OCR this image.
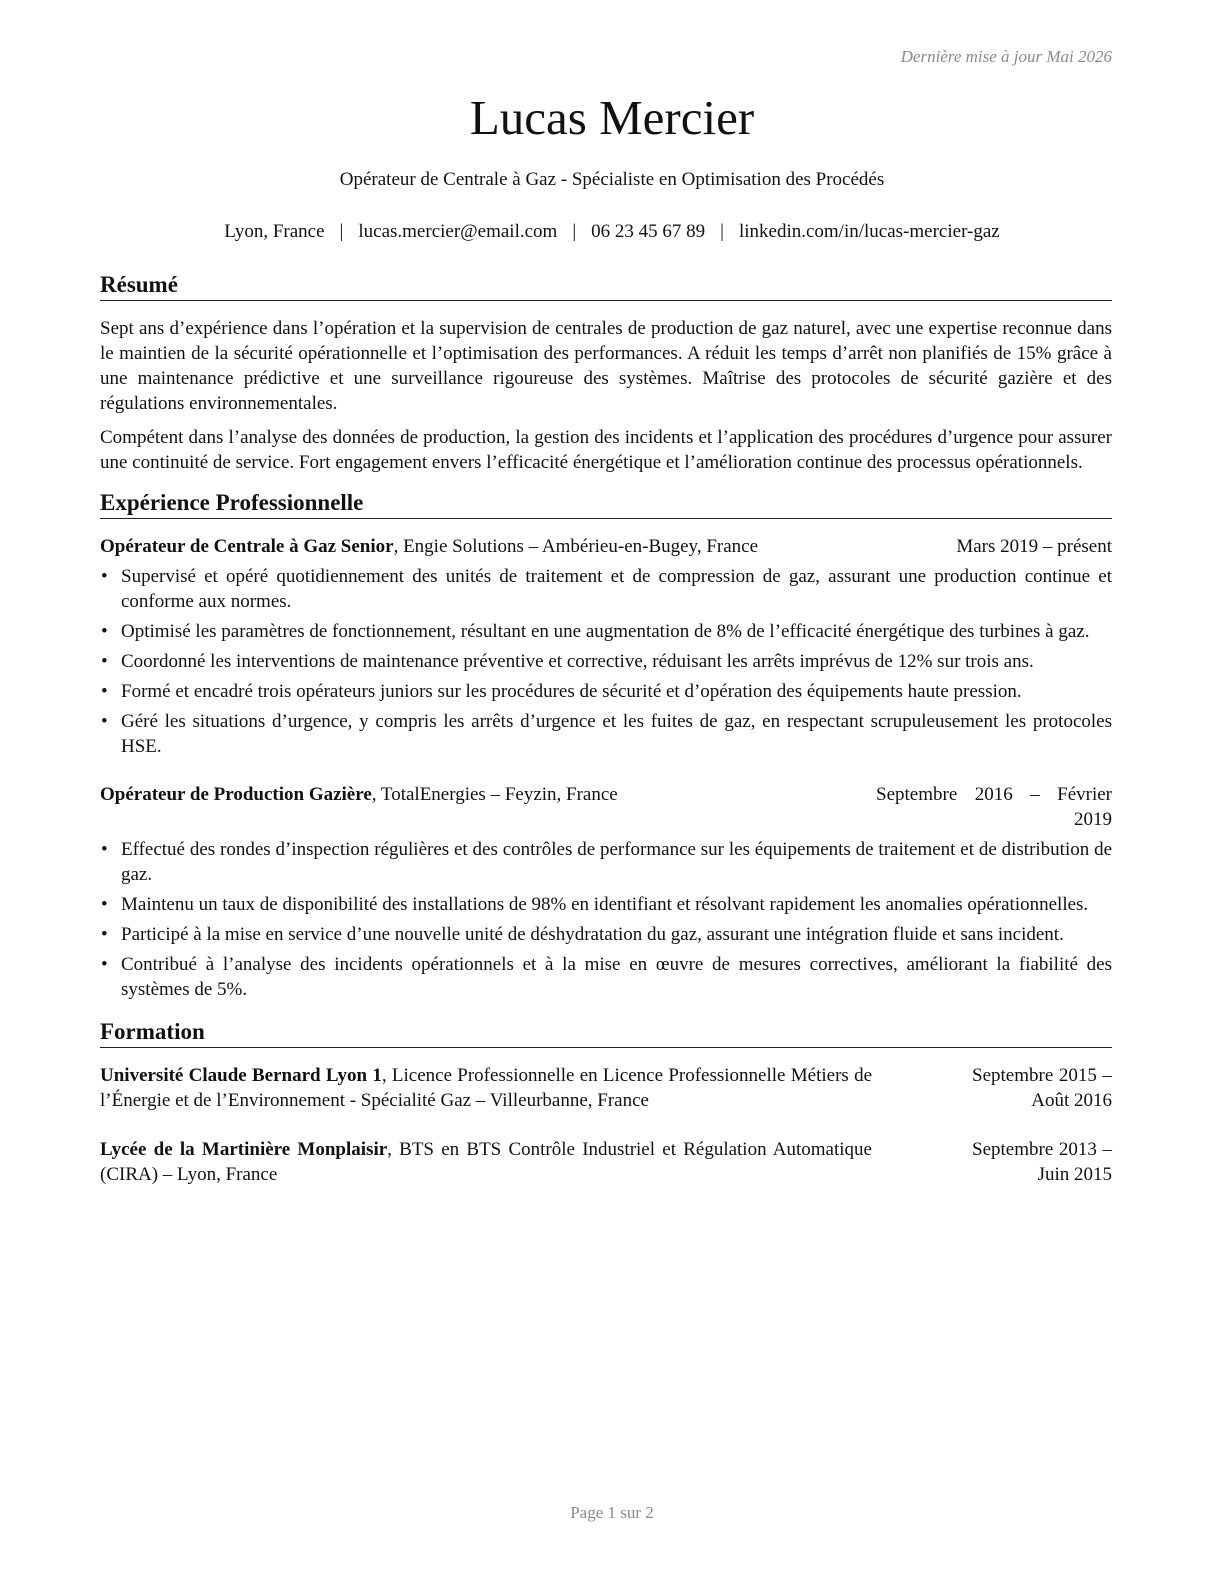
Dernière mise à jour Mai 2026
Lucas Mercier
Opérateur de Centrale à Gaz - Spécialiste en Optimisation des Procédés
Lyon, France | lucas.mercier@email.com | 06 23 45 67 89 | linkedin.com/in/lucas-mercier-gaz
Résumé

Sept ans d’expérience dans l’opération et la supervision de centrales de production de gaz naturel, avec une expertise reconnue dans le maintien de la sécurité opérationnelle et l’optimisation des performances. A réduit les temps d’arrêt non planifiés de 15% grâce à une maintenance prédictive et une surveillance rigoureuse des systèmes. Maîtrise des protocoles de sécurité gazière et des régulations environnementales.

Compétent dans l’analyse des données de production, la gestion des incidents et l’application des procédures d’urgence pour assurer une continuité de service. Fort engagement envers l’efficacité énergétique et l’amélioration continue des processus opérationnels.

Expérience Professionnelle
Opérateur de Centrale à Gaz Senior, Engie Solutions – Ambérieu-en-Bugey, France	Mars 2019 – présent
• Supervisé et opéré quotidiennement des unités de traitement et de compression de gaz, assurant une production continue et conforme aux normes.
• Optimisé les paramètres de fonctionnement, résultant en une augmentation de 8% de l’efficacité énergétique des turbines à gaz.
• Coordonné les interventions de maintenance préventive et corrective, réduisant les arrêts imprévus de 12% sur trois ans.
• Formé et encadré trois opérateurs juniors sur les procédures de sécurité et d’opération des équipements haute pression.
• Géré les situations d’urgence, y compris les arrêts d’urgence et les fuites de gaz, en respectant scrupuleusement les protocoles HSE.
Opérateur de Production Gazière, TotalEnergies – Feyzin, France	Septembre 2016 – Février 2019
• Effectué des rondes d’inspection régulières et des contrôles de performance sur les équipements de traitement et de distribution de gaz.
• Maintenu un taux de disponibilité des installations de 98% en identifiant et résolvant rapidement les anomalies opérationnelles.
• Participé à la mise en service d’une nouvelle unité de déshydratation du gaz, assurant une intégration fluide et sans incident.
• Contribué à l’analyse des incidents opérationnels et à la mise en œuvre de mesures correctives, améliorant la fiabilité des systèmes de 5%.
Formation
Université Claude Bernard Lyon 1, Licence Professionnelle en Licence Professionnelle Métiers de l’Énergie et de l’Environnement - Spécialité Gaz – Villeurbanne, France
Septembre 2015 – Août 2016
Lycée de la Martinière Monplaisir, BTS en BTS Contrôle Industriel et Régulation Automatique (CIRA) – Lyon, France
Septembre 2013 – Juin 2015
Page 1 sur 2
